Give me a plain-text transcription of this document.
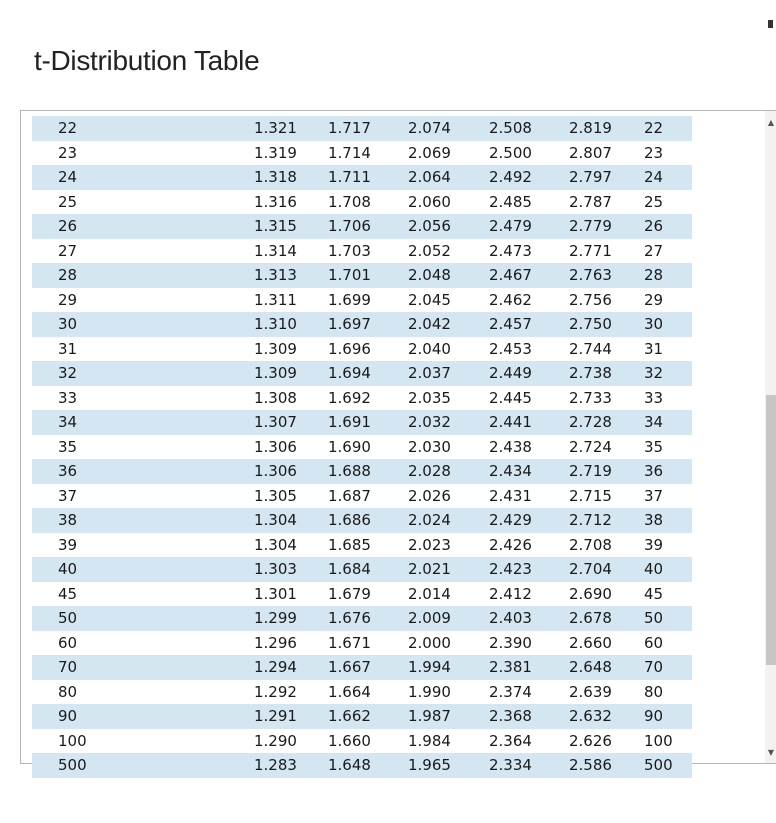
t-Distribution Table
22	1.321 1.717 2.074	2.508 2.819 22
23	1.319 1.714 2.069	2.500 2.807 23
24	1.318 1.711 2.064	2.492 2.797 24
25	1.316 1.708 2.060	2.485 2.787 25
26	1.315 1.706 2.056	2.479 2.779 26
27	1.314 1.703 2.052	2.473 2.771 27
28	1.313 1.701 2.048	2.467 2.763 28
29	1.311 1.699 2.045	2.462 2.756 29
30	1.310 1.697 2.042	2.457 2.750 30
31	1.309 1.696 2.040	2.453 2.744 31
32	1.309 1.694 2.037	2.449 2.738 32
33	1.308 1.692 2.035	2.445 2.733 33
34	1.307 1.691 2.032	2.441 2.728 34
35	1.306 1.690 2.030	2.438 2.724 35
36	1.306 1.688 2.028	2.434 2.719 36
37	1.305 1.687 2.026	2.431 2.715 37
38	1.304 1.686 2.024	2.429 2.712 38
39	1.304 1.685 2.023	2.426 2.708 39
40	1.303 1.684 2.021	2.423 2.704 40
45	1.301 1.679 2.014	2.412 2.690 45
50	1.299 1.676 2.009	2.403 2.678 50
60	1.296 1.671 2.000	2.390 2.660 60
70	1.294 1.667 1.994	2.381 2.648 70
80	1.292 1.664 1.990	2.374 2.639 80
90	1.291 1.662 1.987	2.368 2.632 90
100	1.290 1.660 1.984	2.364 2.626 100
500	1.283 1.648 1.965	2.334 2.586 500
▲
▼
